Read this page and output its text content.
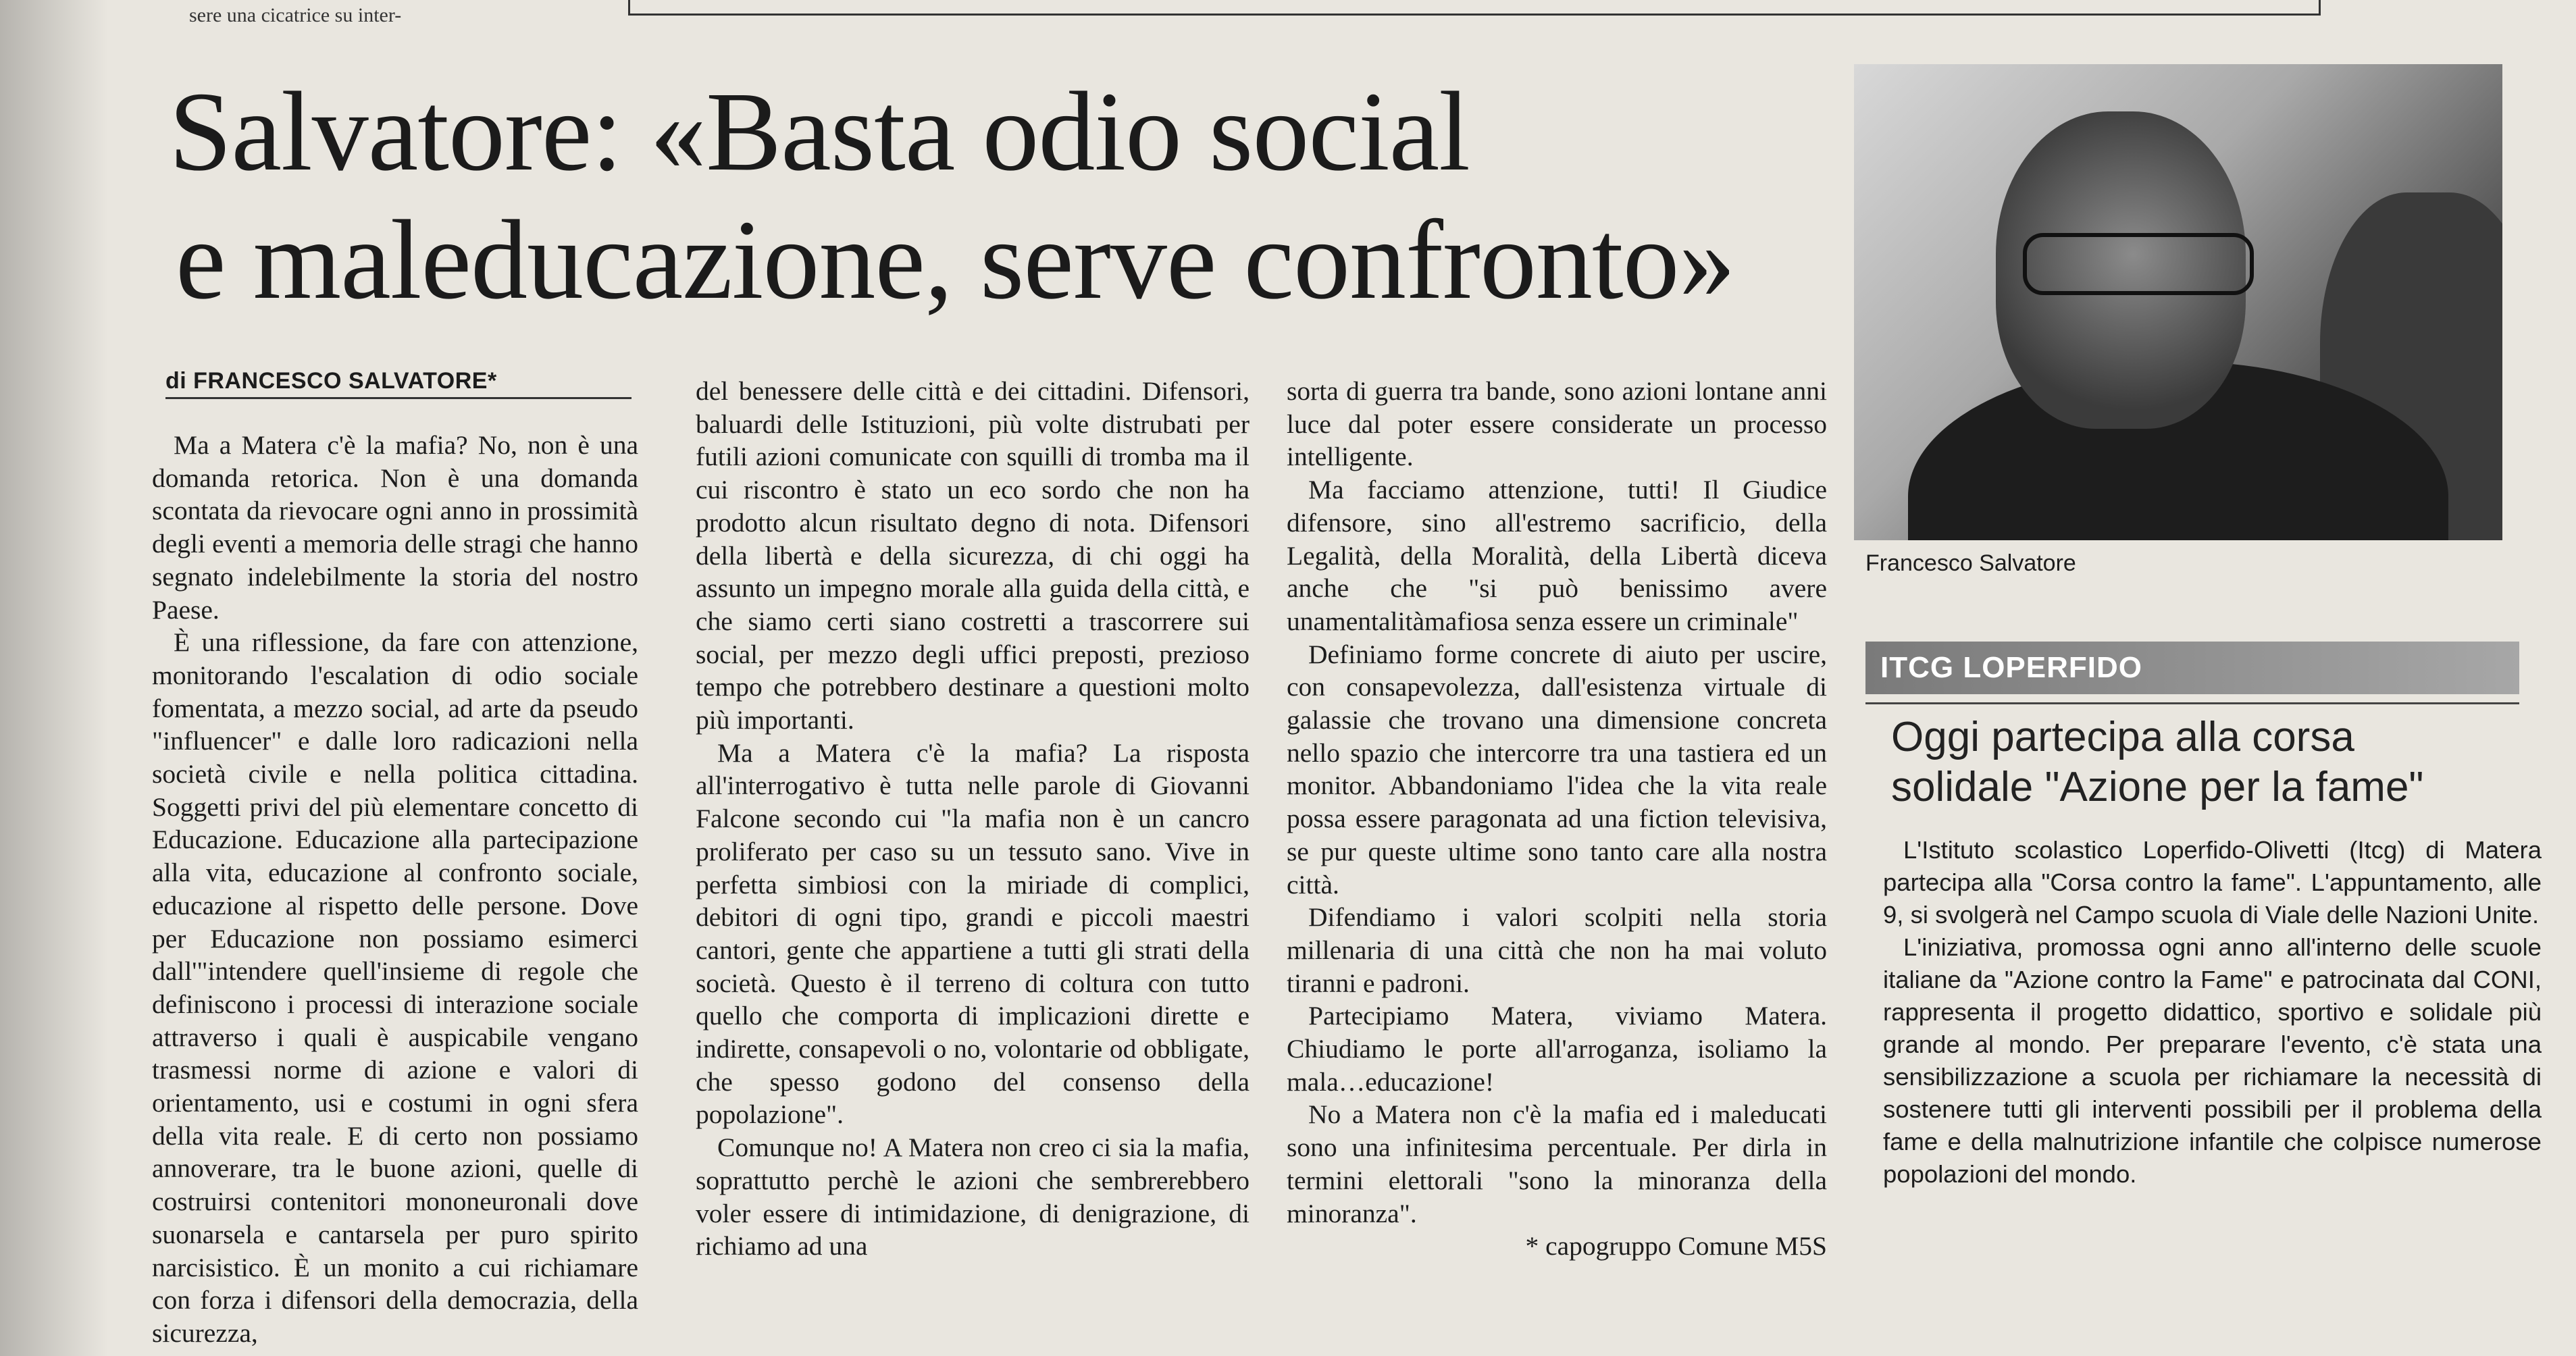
sere una cicatrice su inter-
Salvatore: «Basta odio social
e maleducazione, serve confronto»
di FRANCESCO SALVATORE*

Ma a Matera c'è la mafia? No, non è una domanda retorica. Non è una domanda scontata da rievocare ogni anno in prossimità degli eventi a memoria delle stragi che hanno segnato indelebilmente la storia del nostro Paese.

È una riflessione, da fare con attenzione, monitorando l'escalation di odio sociale fomentata, a mezzo social, ad arte da pseudo "influencer" e dalle loro radicazioni nella società civile e nella politica cittadina. Soggetti privi del più elementare concetto di Educazione. Educazione alla partecipazione alla vita, educazione al confronto sociale, educazione al rispetto delle persone. Dove per Educazione non possiamo esimerci dall'"intendere quell'insieme di regole che definiscono i processi di interazione sociale attraverso i quali è auspicabile vengano trasmessi norme di azione e valori di orientamento, usi e costumi in ogni sfera della vita reale. E di certo non possiamo annoverare, tra le buone azioni, quelle di costruirsi contenitori mononeuronali dove suonarsela e cantarsela per puro spirito narcisistico. È un monito a cui richiamare con forza i difensori della democrazia, della sicurezza,

del benessere delle città e dei cittadini. Difensori, baluardi delle Istituzioni, più volte distrubati per futili azioni comunicate con squilli di tromba ma il cui riscontro è stato un eco sordo che non ha prodotto alcun risultato degno di nota. Difensori della libertà e della sicurezza, di chi oggi ha assunto un impegno morale alla guida della città, e che siamo certi siano costretti a trascorrere sui social, per mezzo degli uffici preposti, prezioso tempo che potrebbero destinare a questioni molto più importanti.

Ma a Matera c'è la mafia? La risposta all'interrogativo è tutta nelle parole di Giovanni Falcone secondo cui "la mafia non è un cancro proliferato per caso su un tessuto sano. Vive in perfetta simbiosi con la miriade di complici, debitori di ogni tipo, grandi e piccoli maestri cantori, gente che appartiene a tutti gli strati della società. Questo è il terreno di coltura con tutto quello che comporta di implicazioni dirette e indirette, consapevoli o no, volontarie od obbligate, che spesso godono del consenso della popolazione".

Comunque no! A Matera non creo ci sia la mafia, soprattutto perchè le azioni che sembrerebbero voler essere di intimidazione, di denigrazione, di richiamo ad una

sorta di guerra tra bande, sono azioni lontane anni luce dal poter essere considerate un processo intelligente.

Ma facciamo attenzione, tutti! Il Giudice difensore, sino all'estremo sacrificio, della Legalità, della Moralità, della Libertà diceva anche che "si può benissimo avere unamentalitàmafiosa senza essere un criminale"

Definiamo forme concrete di aiuto per uscire, con consapevolezza, dall'esistenza virtuale di galassie che trovano una dimensione concreta nello spazio che intercorre tra una tastiera ed un monitor. Abbandoniamo l'idea che la vita reale possa essere paragonata ad una fiction televisiva, se pur queste ultime sono tanto care alla nostra città.

Difendiamo i valori scolpiti nella storia millenaria di una città che non ha mai voluto tiranni e padroni.

Partecipiamo Matera, viviamo Matera. Chiudiamo le porte all'arroganza, isoliamo la mala…educazione!

No a Matera non c'è la mafia ed i maleducati sono una infinitesima percentuale. Per dirla in termini elettorali "sono la minoranza della minoranza".

* capogruppo Comune M5S

Francesco Salvatore
ITCG LOPERFIDO
Oggi partecipa alla corsa
solidale "Azione per la fame"

L'Istituto scolastico Loperfido-Olivetti (Itcg) di Matera partecipa alla "Corsa contro la fame". L'appuntamento, alle 9, si svolgerà nel Campo scuola di Viale delle Nazioni Unite.

L'iniziativa, promossa ogni anno all'interno delle scuole italiane da "Azione contro la Fame" e patrocinata dal CONI, rappresenta il progetto didattico, sportivo e solidale più grande al mondo. Per preparare l'evento, c'è stata una sensibilizzazione a scuola per richiamare la necessità di sostenere tutti gli interventi possibili per il problema della fame e della malnutrizione infantile che colpisce numerose popolazioni del mondo.
